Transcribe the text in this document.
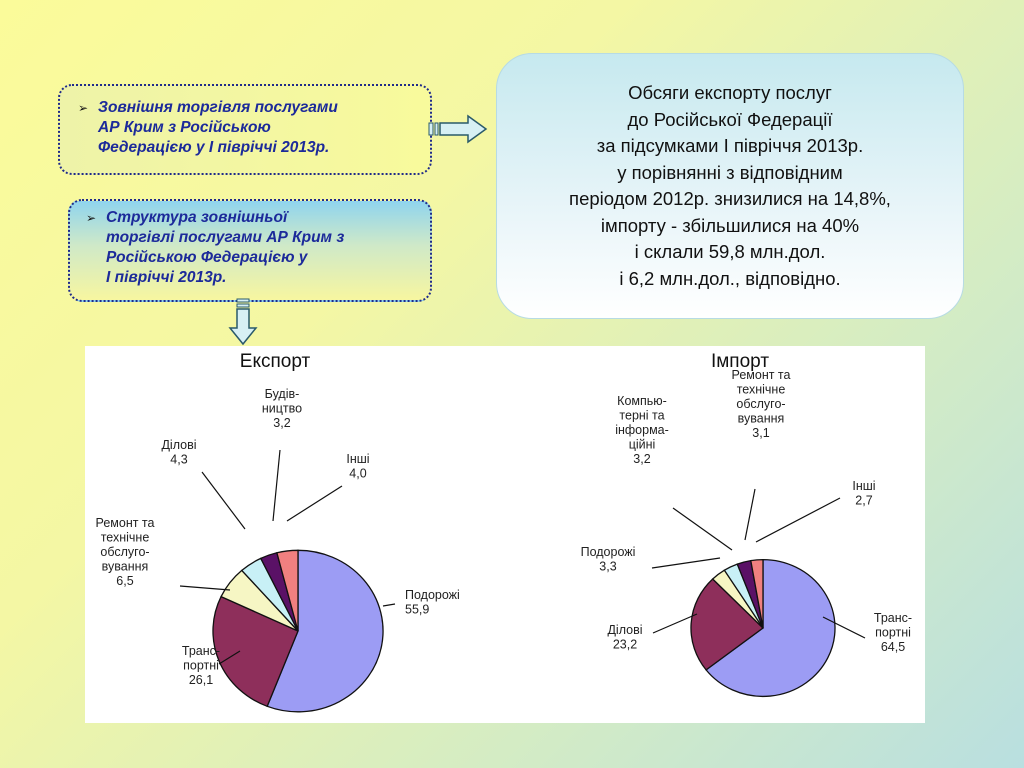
➢ Зовнішня торгівля послугами
АР Крим з Російською
Федерацією у І півріччі 2013р.
➢ Структура зовнішньої
торгівлі послугами АР Крим з
Російською Федерацією у
І півріччі 2013р.
Обсяги експорту послуг
до Російської Федерації
за підсумками І півріччя 2013р.
у порівнянні з відповідним
періодом 2012р. знизилися на 14,8%,
імпорту - збільшилися на 40%
і склали 59,8 млн.дол.
і 6,2 млн.дол., відповідно.
Експорт
Подорожі 55,9
Транс-портні 26,1
Ремонт та технічне обслуго-вування 6,5
Ділові 4,3
Будів-ництво 3,2
Інші 4,0
Імпорт
Транс-портні 64,5
Ділові 23,2
Подорожі 3,3
Компью-терні та інформа-ційні 3,2
Ремонт та технічне обслуго-вування 3,1
Інші 2,7
